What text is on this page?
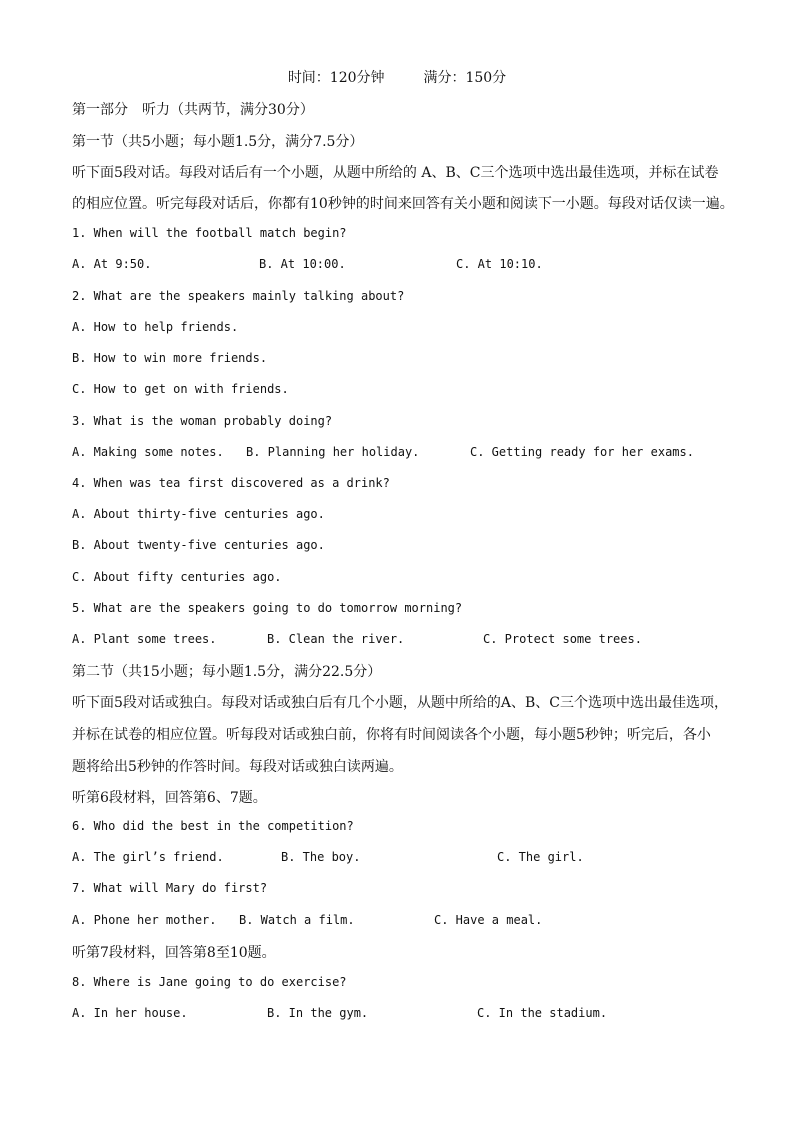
时间：120分钟	满分：150分
第一部分　听力（共两节，满分30分）
第一节（共5小题；每小题1.5分，满分7.5分）
听下面5段对话。每段对话后有一个小题，从题中所给的 A、B、C三个选项中选出最佳选项，并标在试卷
的相应位置。听完每段对话后，你都有10秒钟的时间来回答有关小题和阅读下一小题。每段对话仅读一遍。
1. When will the football match begin?
A. At 9:50.	B. At 10:00.	C. At 10:10.
2. What are the speakers mainly talking about?
A. How to help friends.
B. How to win more friends.
C. How to get on with friends.
3. What is the woman probably doing?
A. Making some notes. B. Planning her holiday.	C. Getting ready for her exams.
4. When was tea first discovered as a drink?
A. About thirty-five centuries ago.
B. About twenty-five centuries ago.
C. About fifty centuries ago.
5. What are the speakers going to do tomorrow morning?
A. Plant some trees.	B. Clean the river.	C. Protect some trees.
第二节（共15小题；每小题1.5分，满分22.5分）
听下面5段对话或独白。每段对话或独白后有几个小题，从题中所给的A、B、C三个选项中选出最佳选项，
并标在试卷的相应位置。听每段对话或独白前，你将有时间阅读各个小题，每小题5秒钟；听完后，各小
题将给出5秒钟的作答时间。每段对话或独白读两遍。
听第6段材料，回答第6、7题。
6. Who did the best in the competition?
A. The girl’s friend.	B. The boy.	C. The girl.
7. What will Mary do first?
A. Phone her mother. B. Watch a film.	C. Have a meal.
听第7段材料，回答第8至10题。
8. Where is Jane going to do exercise?
A. In her house.	B. In the gym.	C. In the stadium.
